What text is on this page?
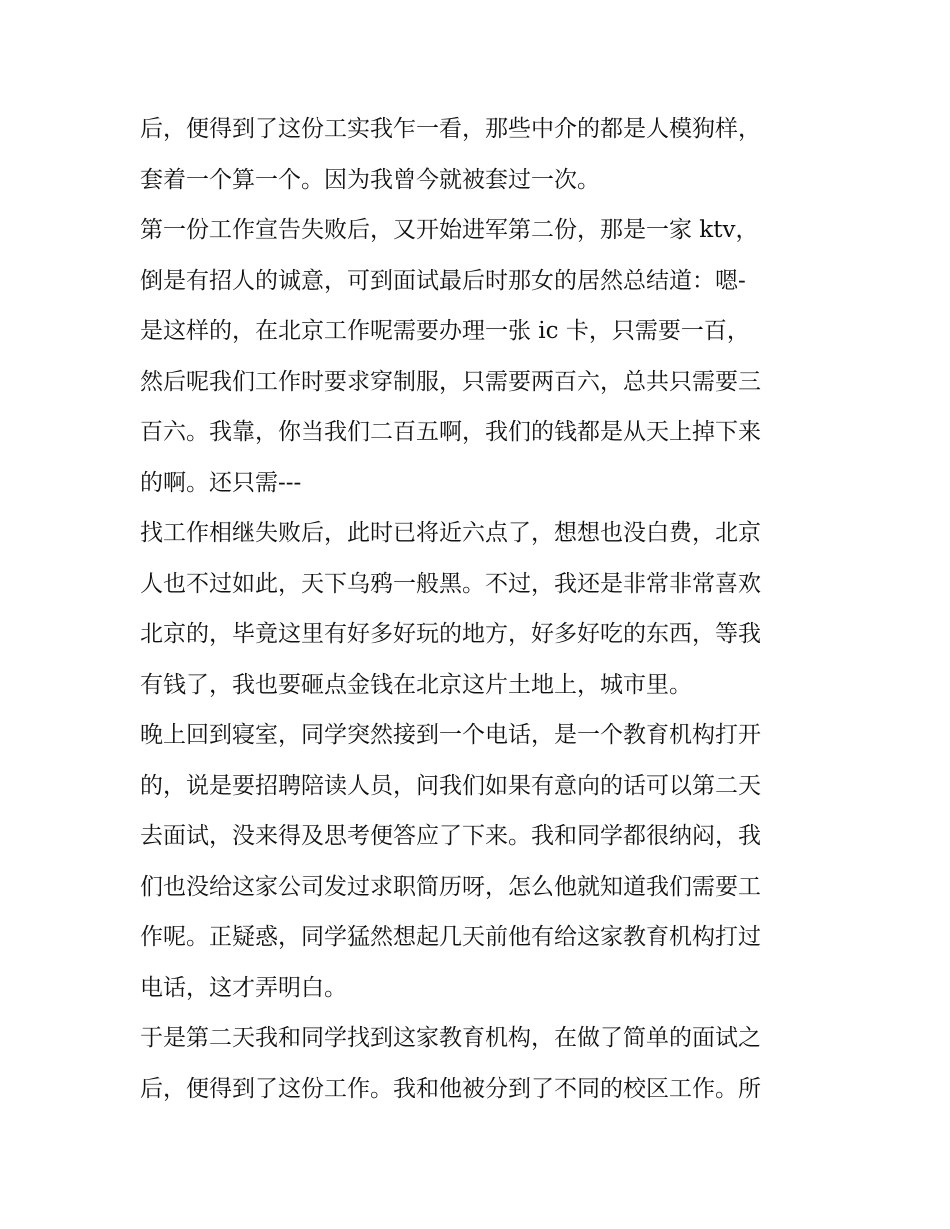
后，便得到了这份工实我乍一看，那些中介的都是人模狗样，
套着一个算一个。因为我曾今就被套过一次。
第一份工作宣告失败后，又开始进军第二份，那是一家 ktv，
倒是有招人的诚意，可到面试最后时那女的居然总结道：嗯-
是这样的，在北京工作呢需要办理一张 ic 卡，只需要一百，
然后呢我们工作时要求穿制服，只需要两百六，总共只需要三
百六。我靠，你当我们二百五啊，我们的钱都是从天上掉下来
的啊。还只需---
找工作相继失败后，此时已将近六点了，想想也没白费，北京
人也不过如此，天下乌鸦一般黑。不过，我还是非常非常喜欢
北京的，毕竟这里有好多好玩的地方，好多好吃的东西，等我
有钱了，我也要砸点金钱在北京这片土地上，城市里。
晚上回到寝室，同学突然接到一个电话，是一个教育机构打开
的，说是要招聘陪读人员，问我们如果有意向的话可以第二天
去面试，没来得及思考便答应了下来。我和同学都很纳闷，我
们也没给这家公司发过求职简历呀，怎么他就知道我们需要工
作呢。正疑惑，同学猛然想起几天前他有给这家教育机构打过
电话，这才弄明白。
于是第二天我和同学找到这家教育机构，在做了简单的面试之
后，便得到了这份工作。我和他被分到了不同的校区工作。所
